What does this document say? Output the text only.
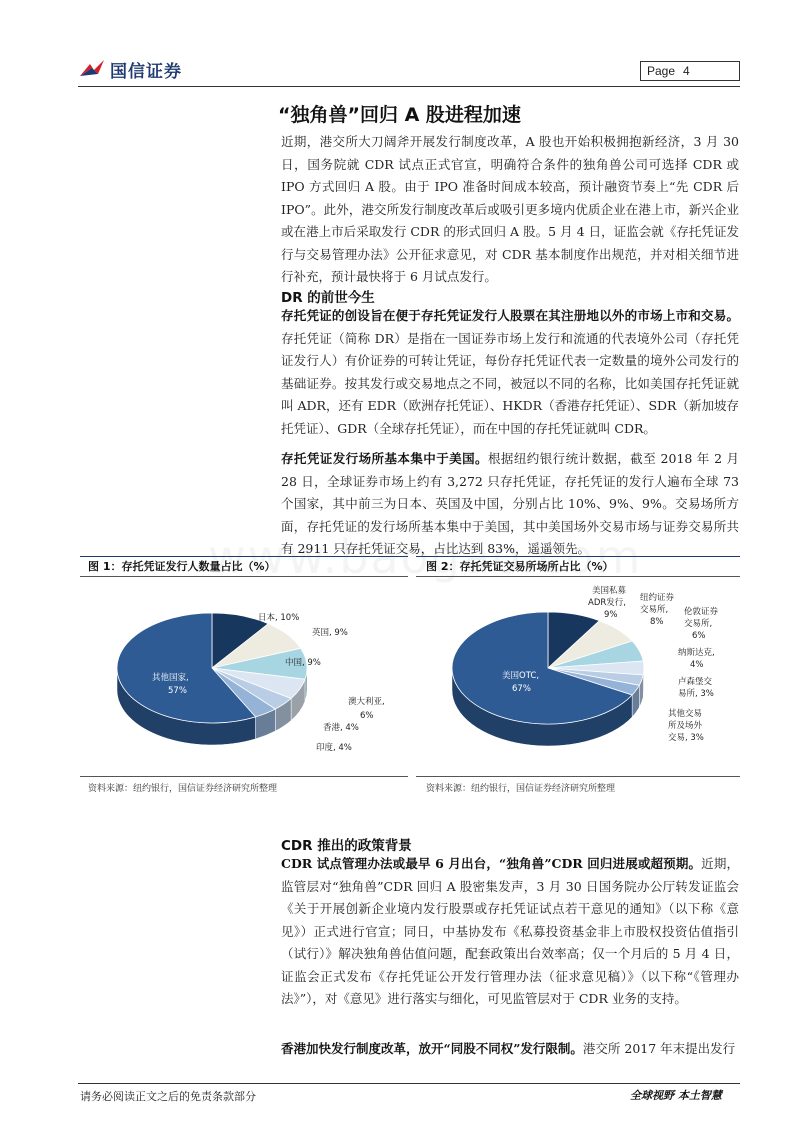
国信证券	Page 4
“独角兽”回归 A 股进程加速
近期，港交所大刀阔斧开展发行制度改革，A 股也开始积极拥抱新经济，3 月 30 日，国务院就 CDR 试点正式官宣，明确符合条件的独角兽公司可选择 CDR 或 IPO 方式回归 A 股。由于 IPO 准备时间成本较高，预计融资节奏上“先 CDR 后 IPO”。此外，港交所发行制度改革后或吸引更多境内优质企业在港上市，新兴企业或在港上市后采取发行 CDR 的形式回归 A 股。5 月 4 日，证监会就《存托凭证发行与交易管理办法》公开征求意见，对 CDR 基本制度作出规范，并对相关细节进行补充，预计最快将于 6 月试点发行。
DR 的前世今生
存托凭证的创设旨在便于存托凭证发行人股票在其注册地以外的市场上市和交易。存托凭证（简称 DR）是指在一国证券市场上发行和流通的代表境外公司（存托凭证发行人）有价证券的可转让凭证，每份存托凭证代表一定数量的境外公司发行的基础证券。按其发行或交易地点之不同，被冠以不同的名称，比如美国存托凭证就叫 ADR，还有 EDR（欧洲存托凭证）、HKDR（香港存托凭证）、SDR（新加坡存托凭证）、GDR（全球存托凭证），而在中国的存托凭证就叫 CDR。
存托凭证发行场所基本集中于美国。根据纽约银行统计数据，截至 2018 年 2 月 28 日，全球证券市场上约有 3,272 只存托凭证，存托凭证的发行人遍布全球 73 个国家，其中前三为日本、英国及中国，分别占比 10%、9%、9%。交易场所方面，存托凭证的发行场所基本集中于美国，其中美国场外交易市场与证券交易所共有 2911 只存托凭证交易，占比达到 83%，遥遥领先。
图 1：存托凭证发行人数量占比（%）
日本, 10%
英国, 9%
中国, 9%
澳大利亚, 6%
香港, 4%
印度, 4%
其他国家, 57%
资料来源：纽约银行，国信证券经济研究所整理
图 2：存托凭证交易所场所占比（%）
美国私募 ADR发行, 9%
纽约证券交易所, 8%
伦敦证券交易所, 6%
纳斯达克, 4%
卢森堡交易所, 3%
其他交易所及场外交易, 3%
美国OTC, 67%
资料来源：纽约银行，国信证券经济研究所整理
CDR 推出的政策背景
CDR 试点管理办法或最早 6 月出台，“独角兽”CDR 回归进展或超预期。近期，监管层对“独角兽”CDR 回归 A 股密集发声，3 月 30 日国务院办公厅转发证监会《关于开展创新企业境内发行股票或存托凭证试点若干意见的通知》（以下称《意见》）正式进行官宣；同日，中基协发布《私募投资基金非上市股权投资估值指引（试行）》解决独角兽估值问题，配套政策出台效率高；仅一个月后的 5 月 4 日，证监会正式发布《存托凭证公开发行管理办法（征求意见稿）》（以下称“《管理办法》”），对《意见》进行落实与细化，可见监管层对于 CDR 业务的支持。
香港加快发行制度改革，放开“同股不同权”发行限制。港交所 2017 年末提出发行
请务必阅读正文之后的免责条款部分	全球视野 本土智慧
